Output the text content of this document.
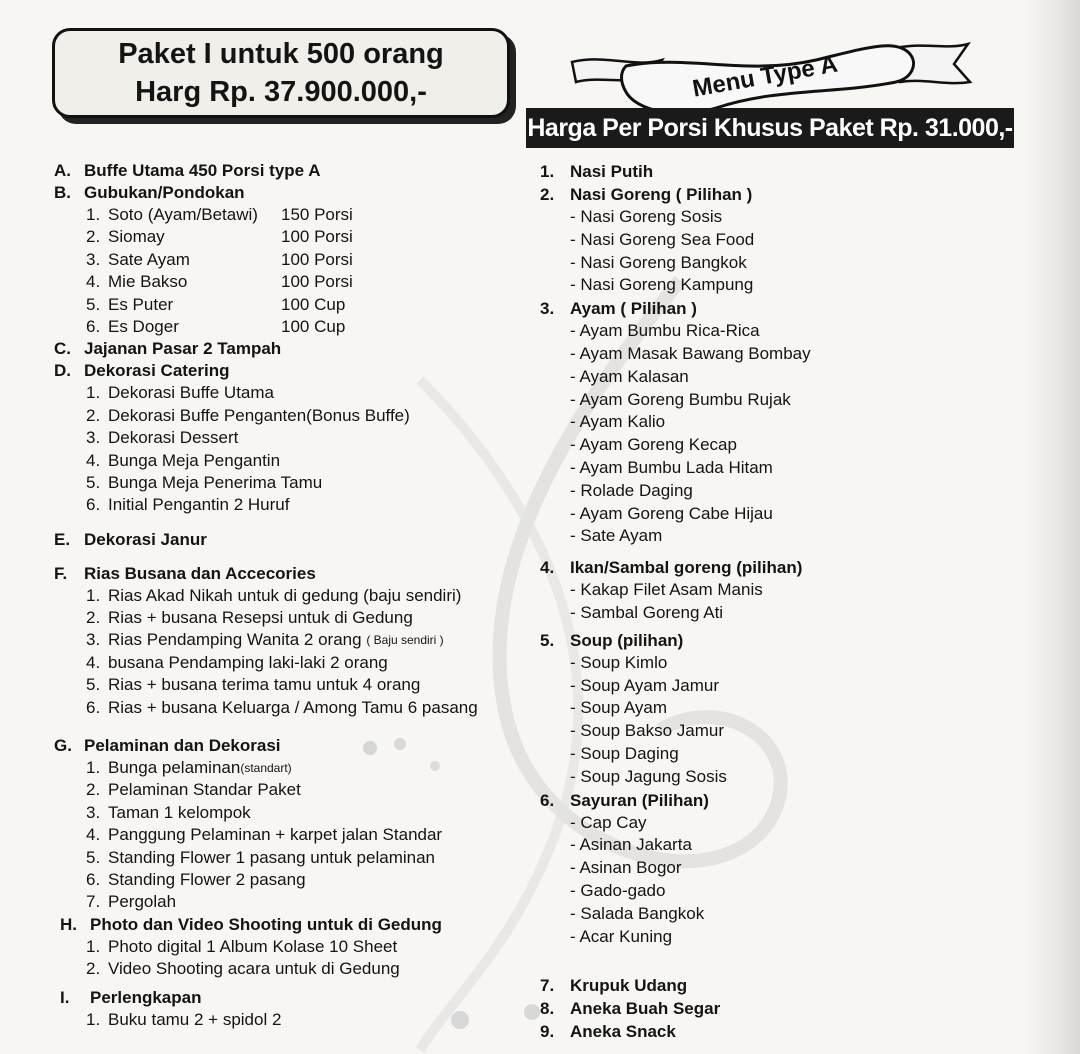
Paket I untuk 500 orang
Harg Rp. 37.900.000,-	Menu Type A
Harga Per Porsi Khusus Paket Rp. 31.000,-
A. Buffe Utama 450 Porsi type A
B. Gubukan/Pondokan
1. Soto (Ayam/Betawi) 150 Porsi
2. Siomay	100 Porsi
3. Sate Ayam	100 Porsi
4. Mie Bakso	100 Porsi
5. Es Puter	100 Cup
6. Es Doger	100 Cup
C. Jajanan Pasar 2 Tampah
D. Dekorasi Catering
1. Dekorasi Buffe Utama
2. Dekorasi Buffe Penganten(Bonus Buffe)
3. Dekorasi Dessert
4. Bunga Meja Pengantin
5. Bunga Meja Penerima Tamu
6. Initial Pengantin 2 Huruf
E. Dekorasi Janur
F. Rias Busana dan Accecories
1. Rias Akad Nikah untuk di gedung (baju sendiri)
2. Rias + busana Resepsi untuk di Gedung
3. Rias Pendamping Wanita 2 orang
( Baju sendiri )
4. busana Pendamping laki-laki 2 orang
5. Rias + busana terima tamu untuk 4 orang
6. Rias + busana Keluarga / Among Tamu 6 pasang
G. Pelaminan dan Dekorasi
1. Bunga pelaminan (standart)
2. Pelaminan Standar Paket
3. Taman 1 kelompok
4. Panggung Pelaminan + karpet jalan Standar
5. Standing Flower 1 pasang untuk pelaminan
6. Standing Flower 2 pasang
7. Pergolah
H. Photo dan Video Shooting untuk di Gedung
1. Photo digital 1 Album Kolase 10 Sheet
2. Video Shooting acara untuk di Gedung
I.	Perlengkapan
1. Buku tamu 2 + spidol 2
1. Nasi Putih
2. Nasi Goreng ( Pilihan )
- Nasi Goreng Sosis
- Nasi Goreng Sea Food
- Nasi Goreng Bangkok
- Nasi Goreng Kampung
3. Ayam ( Pilihan )
- Ayam Bumbu Rica-Rica
- Ayam Masak Bawang Bombay
- Ayam Kalasan
- Ayam Goreng Bumbu Rujak
- Ayam Kalio
- Ayam Goreng Kecap
- Ayam Bumbu Lada Hitam
- Rolade Daging
- Ayam Goreng Cabe Hijau
- Sate Ayam
4. Ikan/Sambal goreng (pilihan)
- Kakap Filet Asam Manis
- Sambal Goreng Ati
5. Soup (pilihan)
- Soup Kimlo
- Soup Ayam Jamur
- Soup Ayam
- Soup Bakso Jamur
- Soup Daging
- Soup Jagung Sosis
6. Sayuran (Pilihan)
- Cap Cay
- Asinan Jakarta
- Asinan Bogor
- Gado-gado
- Salada Bangkok
- Acar Kuning
7. Krupuk Udang
8. Aneka Buah Segar
9. Aneka Snack
